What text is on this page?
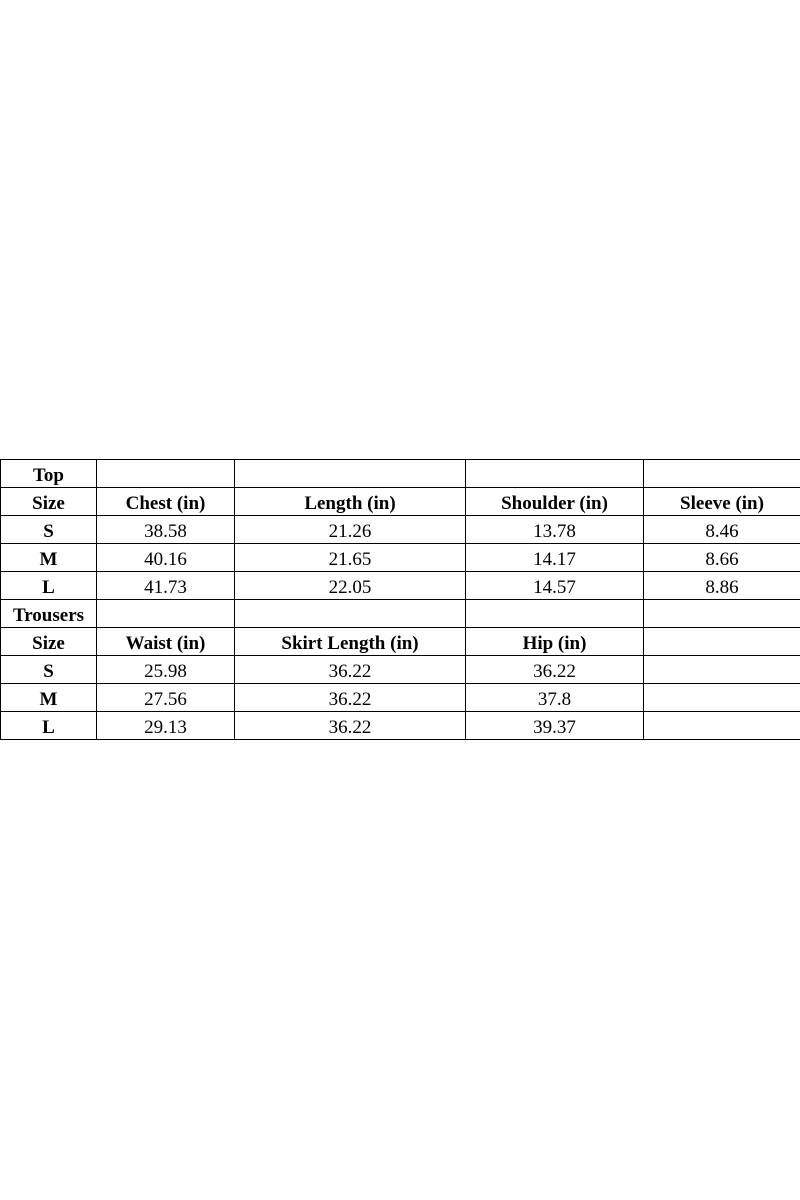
Top				
Size	Chest (in)	Length (in)	Shoulder (in)	Sleeve (in)
S	38.58	21.26	13.78	8.46
M	40.16	21.65	14.17	8.66
L	41.73	22.05	14.57	8.86
Trousers				
Size	Waist (in)	Skirt Length (in)	Hip (in)	
S	25.98	36.22	36.22	
M	27.56	36.22	37.8	
L	29.13	36.22	39.37	
